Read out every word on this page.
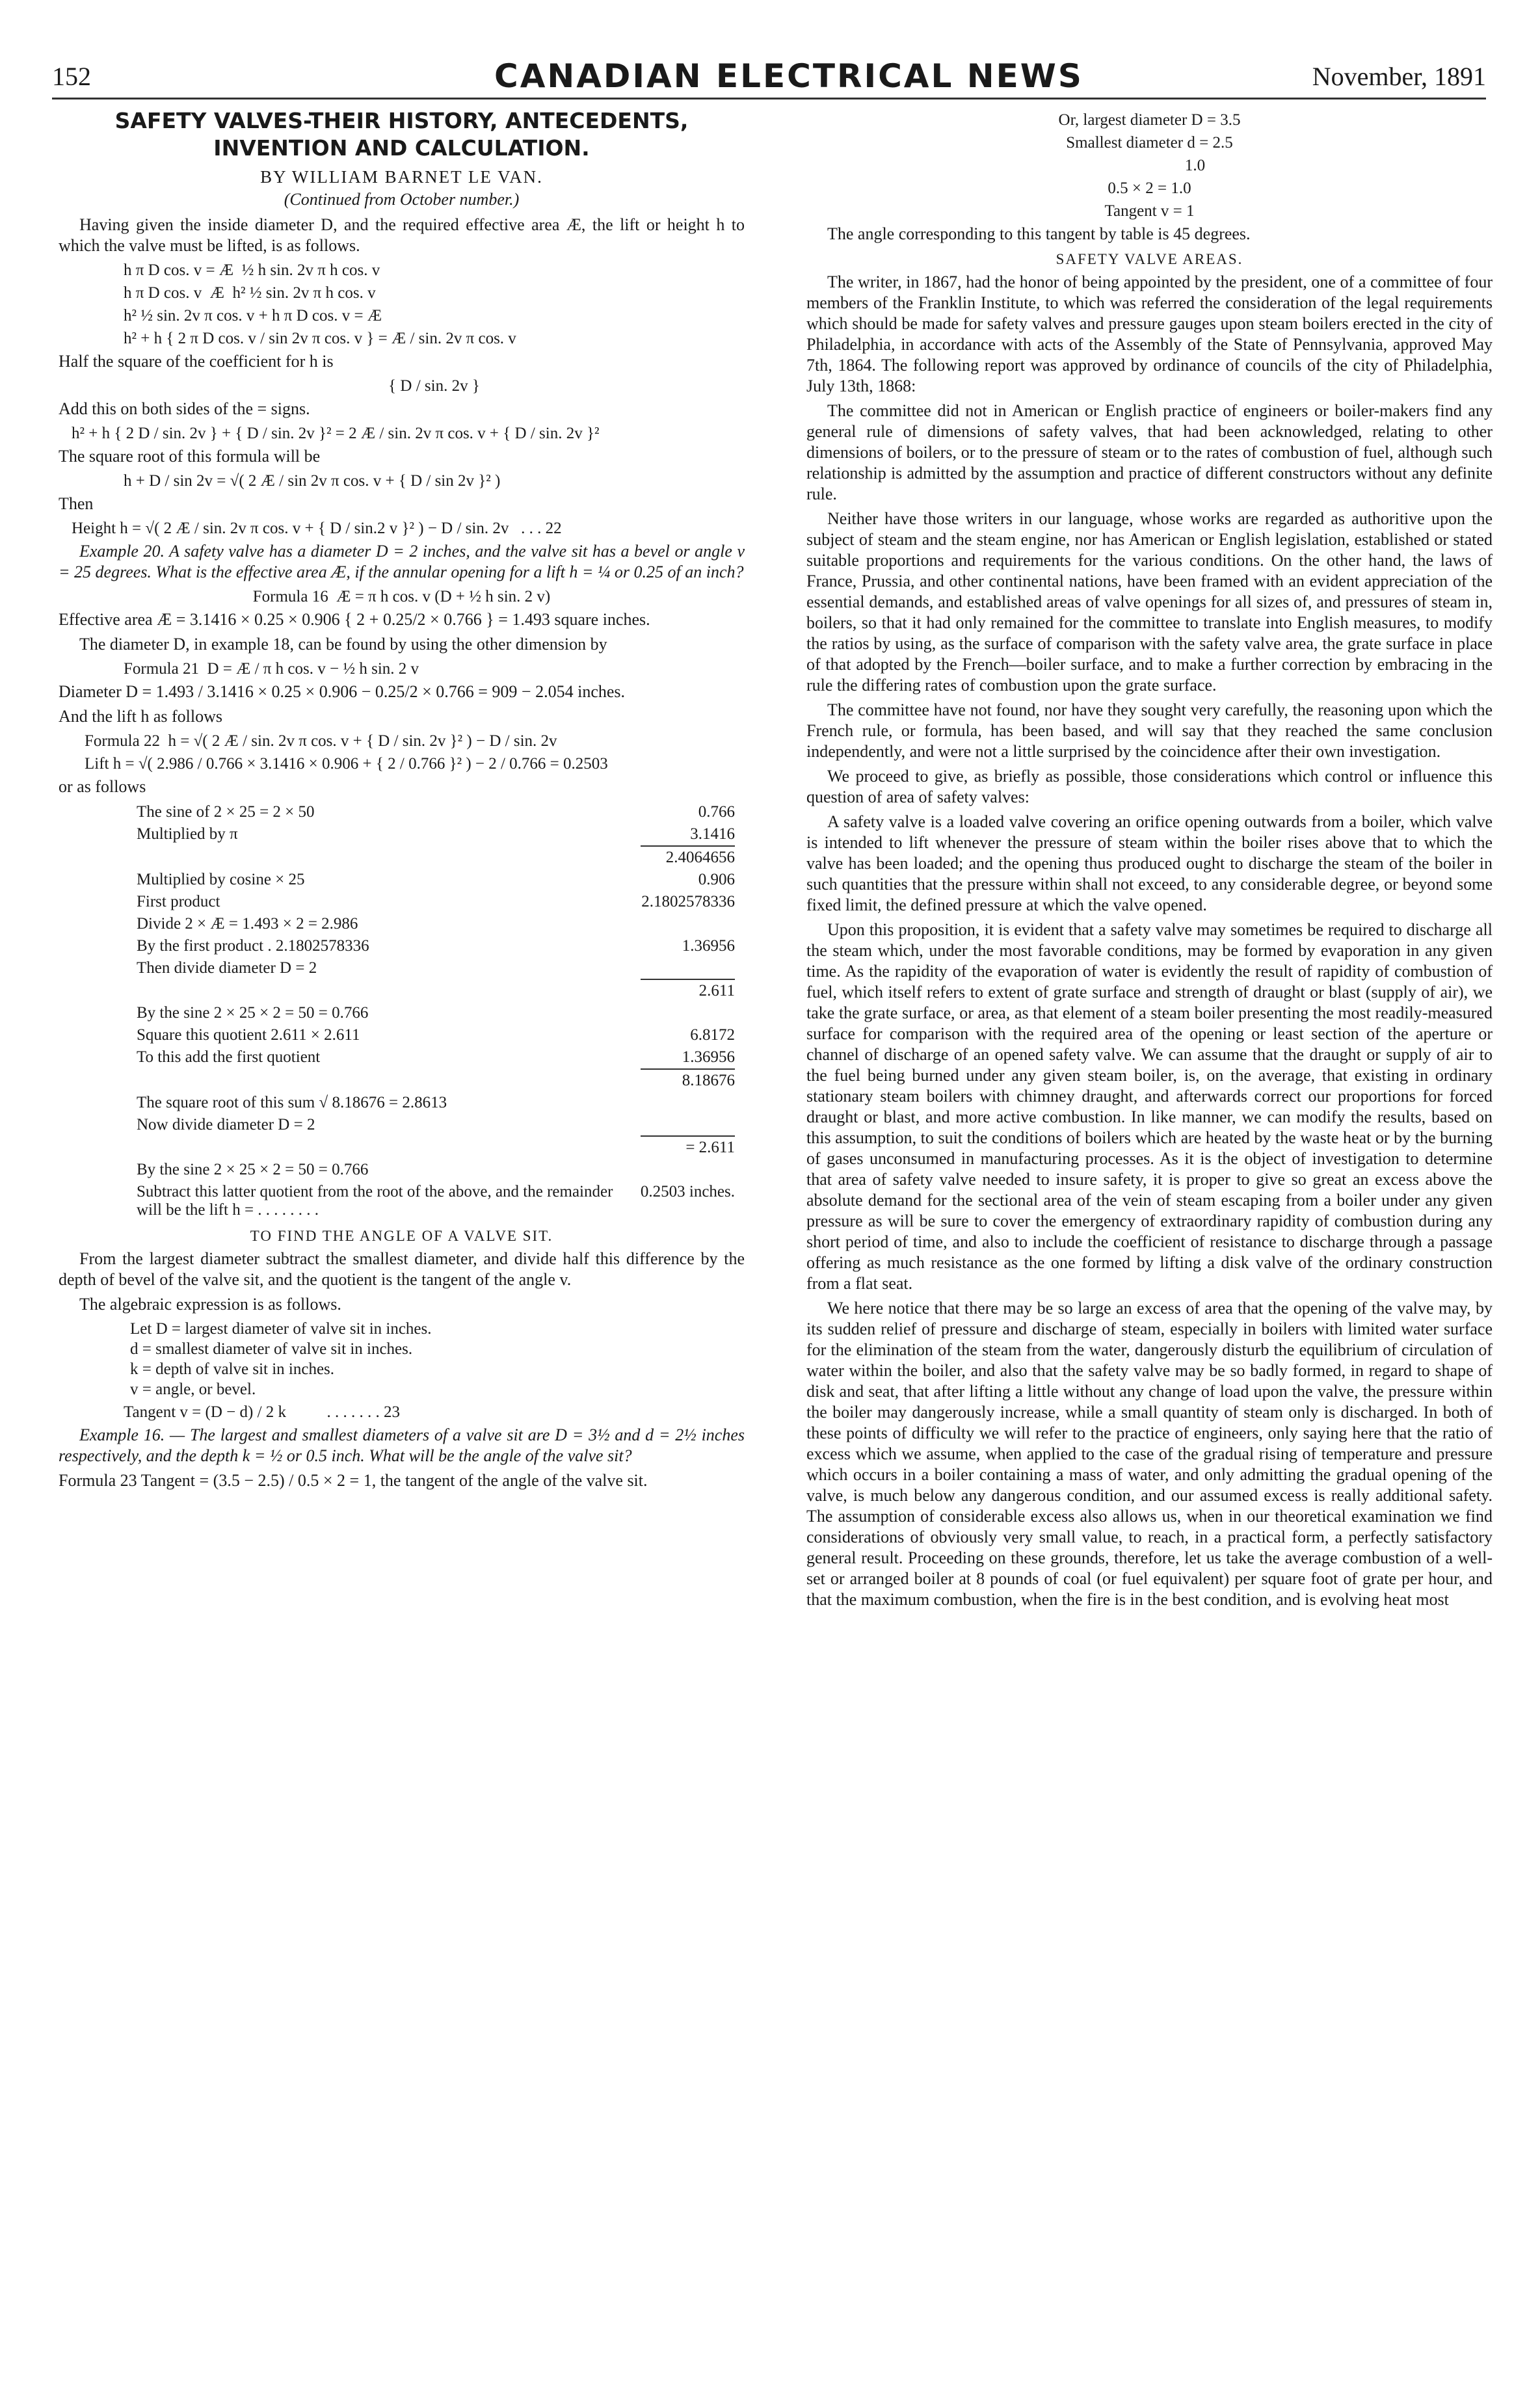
152	CANADIAN ELECTRICAL NEWS	November, 1891
SAFETY VALVES-THEIR HISTORY, ANTECEDENTS,
INVENTION AND CALCULATION.
BY WILLIAM BARNET LE VAN.
(Continued from October number.)

Having given the inside diameter D, and the required effective area Æ, the lift or height h to which the valve must be lifted, is as follows.

h π D cos. v = Æ  ½ h sin. 2v π h cos. v
h π D cos. v  Æ  h² ½ sin. 2v π h cos. v
h² ½ sin. 2v π cos. v + h π D cos. v = Æ
h² + h { 2 π D cos. v / sin 2v π cos. v } = Æ / sin. 2v π cos. v

Half the square of the coefficient for h is

{ D / sin. 2v }

Add this on both sides of the = signs.

h² + h { 2 D / sin. 2v } + { D / sin. 2v }² = 2 Æ / sin. 2v π cos. v + { D / sin. 2v }²

The square root of this formula will be

h + D / sin 2v = √( 2 Æ / sin 2v π cos. v + { D / sin 2v }² )

Then

Height h = √( 2 Æ / sin. 2v π cos. v + { D / sin.2 v }² ) − D / sin. 2v . . . 22

Example 20. A safety valve has a diameter D = 2 inches, and the valve sit has a bevel or angle v = 25 degrees. What is the effective area Æ, if the annular opening for a lift h = ¼ or 0.25 of an inch?

Formula 16  Æ = π h cos. v (D + ½ h sin. 2 v)

Effective area Æ = 3.1416 × 0.25 × 0.906 { 2 + 0.25/2 × 0.766 } = 1.493 square inches.

The diameter D, in example 18, can be found by using the other dimension by

Formula 21  D = Æ / π h cos. v − ½ h sin. 2 v

Diameter D = 1.493 / 3.1416 × 0.25 × 0.906 − 0.25/2 × 0.766 = 909 − 2.054 inches.

And the lift h as follows

Formula 22  h = √( 2 Æ / sin. 2v π cos. v + { D / sin. 2v }² ) − D / sin. 2v
Lift h = √( 2.986 / 0.766 × 3.1416 × 0.906 + { 2 / 0.766 }² ) − 2 / 0.766 = 0.2503

or as follows

The sine of 2 × 25 = 2 × 50	0.766
Multiplied by π	3.1416
	2.4064656
Multiplied by cosine × 25	0.906
First product	2.1802578336
Divide 2 × Æ = 1.493 × 2 = 2.986	
By the first product . 2.1802578336	1.36956
Then divide diameter D = 2	
	2.611
By the sine 2 × 25 × 2 = 50 = 0.766	
Square this quotient 2.611 × 2.611	6.8172
To this add the first quotient	1.36956
	8.18676
The square root of this sum √ 8.18676 = 2.8613	
Now divide diameter D = 2	
	= 2.611
By the sine 2 × 25 × 2 = 50 = 0.766	
Subtract this latter quotient from the root of the above, and the remainder will be the lift h = . . . . . . . .	0.2503 inches.
TO FIND THE ANGLE OF A VALVE SIT.

From the largest diameter subtract the smallest diameter, and divide half this difference by the depth of bevel of the valve sit, and the quotient is the tangent of the angle v.

The algebraic expression is as follows.

Let D = largest diameter of valve sit in inches.
d = smallest diameter of valve sit in inches.
k = depth of valve sit in inches.
v = angle, or bevel.
Tangent v = (D − d) / 2 k	. . . . . . . 23

Example 16. — The largest and smallest diameters of a valve sit are D = 3½ and d = 2½ inches respectively, and the depth k = ½ or 0.5 inch. What will be the angle of the valve sit?

Formula 23 Tangent = (3.5 − 2.5) / 0.5 × 2 = 1, the tangent of the angle of the valve sit.

Or, largest diameter D = 3.5
Smallest diameter d = 2.5
1.0
0.5 × 2 = 1.0
Tangent v = 1

The angle corresponding to this tangent by table is 45 degrees.

SAFETY VALVE AREAS.

The writer, in 1867, had the honor of being appointed by the president, one of a committee of four members of the Franklin Institute, to which was referred the consideration of the legal requirements which should be made for safety valves and pressure gauges upon steam boilers erected in the city of Philadelphia, in accordance with acts of the Assembly of the State of Pennsylvania, approved May 7th, 1864. The following report was approved by ordinance of councils of the city of Philadelphia, July 13th, 1868:

The committee did not in American or English practice of engineers or boiler-makers find any general rule of dimensions of safety valves, that had been acknowledged, relating to other dimensions of boilers, or to the pressure of steam or to the rates of combustion of fuel, although such relationship is admitted by the assumption and practice of different constructors without any definite rule.

Neither have those writers in our language, whose works are regarded as authoritive upon the subject of steam and the steam engine, nor has American or English legislation, established or stated suitable proportions and requirements for the various conditions. On the other hand, the laws of France, Prussia, and other continental nations, have been framed with an evident appreciation of the essential demands, and established areas of valve openings for all sizes of, and pressures of steam in, boilers, so that it had only remained for the committee to translate into English measures, to modify the ratios by using, as the surface of comparison with the safety valve area, the grate surface in place of that adopted by the French—boiler surface, and to make a further correction by embracing in the rule the differing rates of combustion upon the grate surface.

The committee have not found, nor have they sought very carefully, the reasoning upon which the French rule, or formula, has been based, and will say that they reached the same conclusion independently, and were not a little surprised by the coincidence after their own investigation.

We proceed to give, as briefly as possible, those considerations which control or influence this question of area of safety valves:

A safety valve is a loaded valve covering an orifice opening outwards from a boiler, which valve is intended to lift whenever the pressure of steam within the boiler rises above that to which the valve has been loaded; and the opening thus produced ought to discharge the steam of the boiler in such quantities that the pressure within shall not exceed, to any considerable degree, or beyond some fixed limit, the defined pressure at which the valve opened.

Upon this proposition, it is evident that a safety valve may sometimes be required to discharge all the steam which, under the most favorable conditions, may be formed by evaporation in any given time. As the rapidity of the evaporation of water is evidently the result of rapidity of combustion of fuel, which itself refers to extent of grate surface and strength of draught or blast (supply of air), we take the grate surface, or area, as that element of a steam boiler presenting the most readily-measured surface for comparison with the required area of the opening or least section of the aperture or channel of discharge of an opened safety valve. We can assume that the draught or supply of air to the fuel being burned under any given steam boiler, is, on the average, that existing in ordinary stationary steam boilers with chimney draught, and afterwards correct our proportions for forced draught or blast, and more active combustion. In like manner, we can modify the results, based on this assumption, to suit the conditions of boilers which are heated by the waste heat or by the burning of gases unconsumed in manufacturing processes. As it is the object of investigation to determine that area of safety valve needed to insure safety, it is proper to give so great an excess above the absolute demand for the sectional area of the vein of steam escaping from a boiler under any given pressure as will be sure to cover the emergency of extraordinary rapidity of combustion during any short period of time, and also to include the coefficient of resistance to discharge through a passage offering as much resistance as the one formed by lifting a disk valve of the ordinary construction from a flat seat.

We here notice that there may be so large an excess of area that the opening of the valve may, by its sudden relief of pressure and discharge of steam, especially in boilers with limited water surface for the elimination of the steam from the water, dangerously disturb the equilibrium of circulation of water within the boiler, and also that the safety valve may be so badly formed, in regard to shape of disk and seat, that after lifting a little without any change of load upon the valve, the pressure within the boiler may dangerously increase, while a small quantity of steam only is discharged. In both of these points of difficulty we will refer to the practice of engineers, only saying here that the ratio of excess which we assume, when applied to the case of the gradual rising of temperature and pressure which occurs in a boiler containing a mass of water, and only admitting the gradual opening of the valve, is much below any dangerous condition, and our assumed excess is really additional safety. The assumption of considerable excess also allows us, when in our theoretical examination we find considerations of obviously very small value, to reach, in a practical form, a perfectly satisfactory general result. Proceeding on these grounds, therefore, let us take the average combustion of a well-set or arranged boiler at 8 pounds of coal (or fuel equivalent) per square foot of grate per hour, and that the maximum combustion, when the fire is in the best condition, and is evolving heat most
